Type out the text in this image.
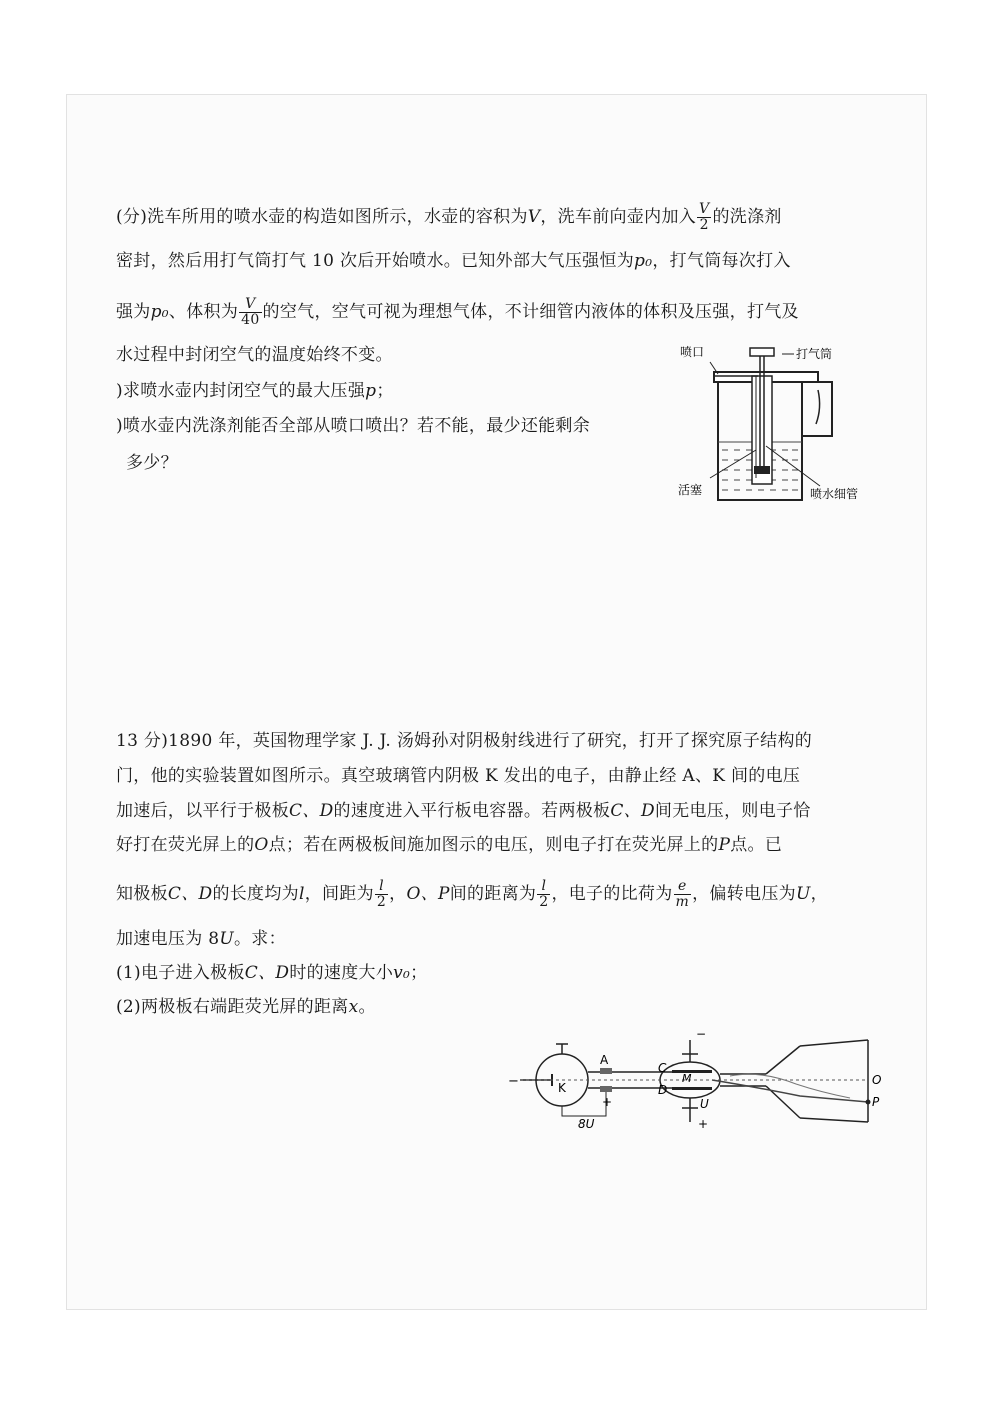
(分)洗车所用的喷水壶的构造如图所示，水壶的容积为V，洗车前向壶内加入 $\frac{V}{2}$ 的洗涤剂
密封，然后用打气筒打气 10 次后开始喷水。已知外部大气压强恒为p₀，打气筒每次打入
强为p₀、体积为 $\frac{V}{40}$ 的空气，空气可视为理想气体，不计细管内液体的体积及压强，打气及
水过程中封闭空气的温度始终不变。
)求喷水壶内封闭空气的最大压强p；
)喷水壶内洗涤剂能否全部从喷口喷出？若不能，最少还能剩余
多少？
喷口	打气筒
活塞	喷水细管
13 分)1890 年，英国物理学家 J. J. 汤姆孙对阴极射线进行了研究，打开了探究原子结构的
门，他的实验装置如图所示。真空玻璃管内阴极 K 发出的电子，由静止经 A、K 间的电压
加速后，以平行于极板C、D的速度进入平行板电容器。若两极板C、D间无电压，则电子恰
好打在荧光屏上的O点；若在两极板间施加图示的电压，则电子打在荧光屏上的P点。已
知极板C、D的长度均为l，间距为 $\frac{l}{2}$ ，O、P间的距离为 $\frac{l}{2}$ ，电子的比荷为 $\frac{e}{m}$ ，偏转电压为U，
加速电压为 8U。求：
(1)电子进入极板C、D时的速度大小v₀；
(2)两极板右端距荧光屏的距离x。
−	K
A
8U
+
C
D
M
−
U
+
O
P
